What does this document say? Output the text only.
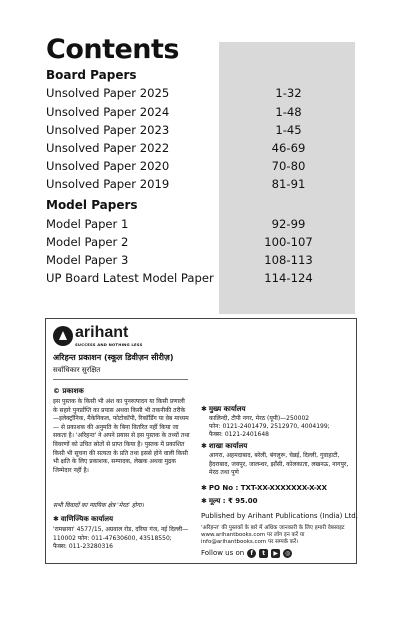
Contents
Board Papers
Unsolved Paper 2025	1-32
Unsolved Paper 2024	1-48
Unsolved Paper 2023	1-45
Unsolved Paper 2022	46-69
Unsolved Paper 2020	70-80
Unsolved Paper 2019	81-91
Model Papers
Model Paper 1	92-99
Model Paper 2	100-107
Model Paper 3	108-113
UP Board Latest Model Paper	114-124
arihant
SUCCESS AND NOTHING LESS
अरिहन्त प्रकाशन (स्कूल डिवीज़न सीरीज़)
सर्वाधिकार सुरक्षित
© प्रकाशक
इस पुस्तक के किसी भी अंश का पुनरुत्पादन या किसी प्रणाली के सहारे पुनर्प्राप्ति का प्रयास अथवा किसी भी तकनीकी तरीके—इलेक्ट्रॉनिक, मैकेनिकल, फोटोकॉपी, रिकॉर्डिंग या वेब माध्यम — से प्रकाशक की अनुमति के बिना वितरित नहीं किया जा सकता है। 'अरिहन्त' ने अपने प्रयास से इस पुस्तक के तथ्यों तथा विवरणों को उचित स्रोतों से प्राप्त किया है। पुस्तक में प्रकाशित किसी भी सूचना की सत्यता के प्रति तथा इससे होने वाली किसी भी क्षति के लिए प्रकाशक, सम्पादक, लेखक अथवा मुद्रक जिम्मेदार नहीं है।
सभी विवादों का न्यायिक क्षेत्र 'मेरठ' होगा।
✱ वाणिज्यिक कार्यालय
'रामछाया' 4577/15, अग्रवाल रोड, दरिया गंज, नई दिल्ली— 110002 फोन: 011-47630600, 43518550;
फैक्स: 011-23280316
✱ मुख्य कार्यालय
कालिन्दी, टीपी नगर, मेरठ (यूपी)—250002
फोन: 0121-2401479, 2512970, 4004199;
फैक्स: 0121-2401648
✱ शाखा कार्यालय
आगरा, अहमदाबाद, बरेली, बंगलुरू, चेन्नई, दिल्ली, गुवाहाटी, हैदराबाद, जयपुर, जालन्धर, झाँसी, कोलकाता, लखनऊ, नागपुर, मेरठ तथा पुणे
✱ PO No : TXT-XX-XXXXXXX-X-XX
✱ मूल्य : ₹ 95.00
Published by Arihant Publications (India) Ltd.
'अरिहन्त' की पुस्तकों के बारे में अधिक जानकारी के लिए हमारी वेबसाइट www.arihantbooks.com पर लॉग इन करें या info@arihantbooks.com पर सम्पर्क करें।
Follow us on	f	t	▶	◎
